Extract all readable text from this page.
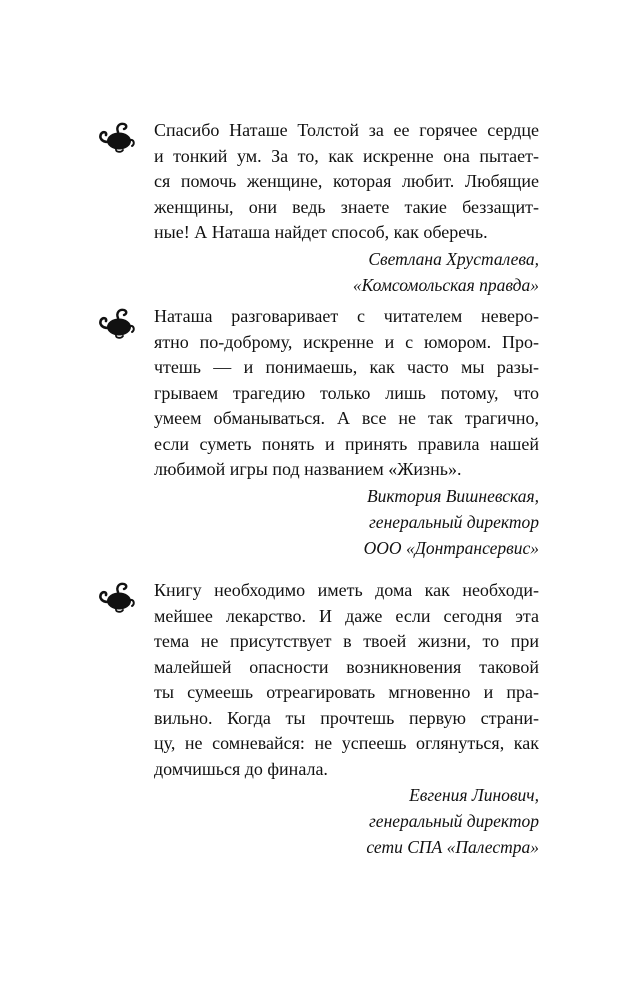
Спасибо Наташе Толстой за ее горячее сердце
и тонкий ум. За то, как искренне она пытает-
ся помочь женщине, которая любит. Любящие
женщины, они ведь знаете такие беззащит-
ные! А Наташа найдет способ, как оберечь.
Светлана Хрусталева,
«Комсомольская правда»
Наташа разговаривает с читателем неверо-
ятно по-доброму, искренне и с юмором. Про-
чтешь — и понимаешь, как часто мы разы-
грываем трагедию только лишь потому, что
умеем обманываться. А все не так трагично,
если суметь понять и принять правила нашей
любимой игры под названием «Жизнь».
Виктория Вишневская,
генеральный директор
ООО «Донтрансервис»
Книгу необходимо иметь дома как необходи-
мейшее лекарство. И даже если сегодня эта
тема не присутствует в твоей жизни, то при
малейшей опасности возникновения таковой
ты сумеешь отреагировать мгновенно и пра-
вильно. Когда ты прочтешь первую страни-
цу, не сомневайся: не успеешь оглянуться, как
домчишься до финала.
Евгения Линович,
генеральный директор
сети СПА «Палестра»
